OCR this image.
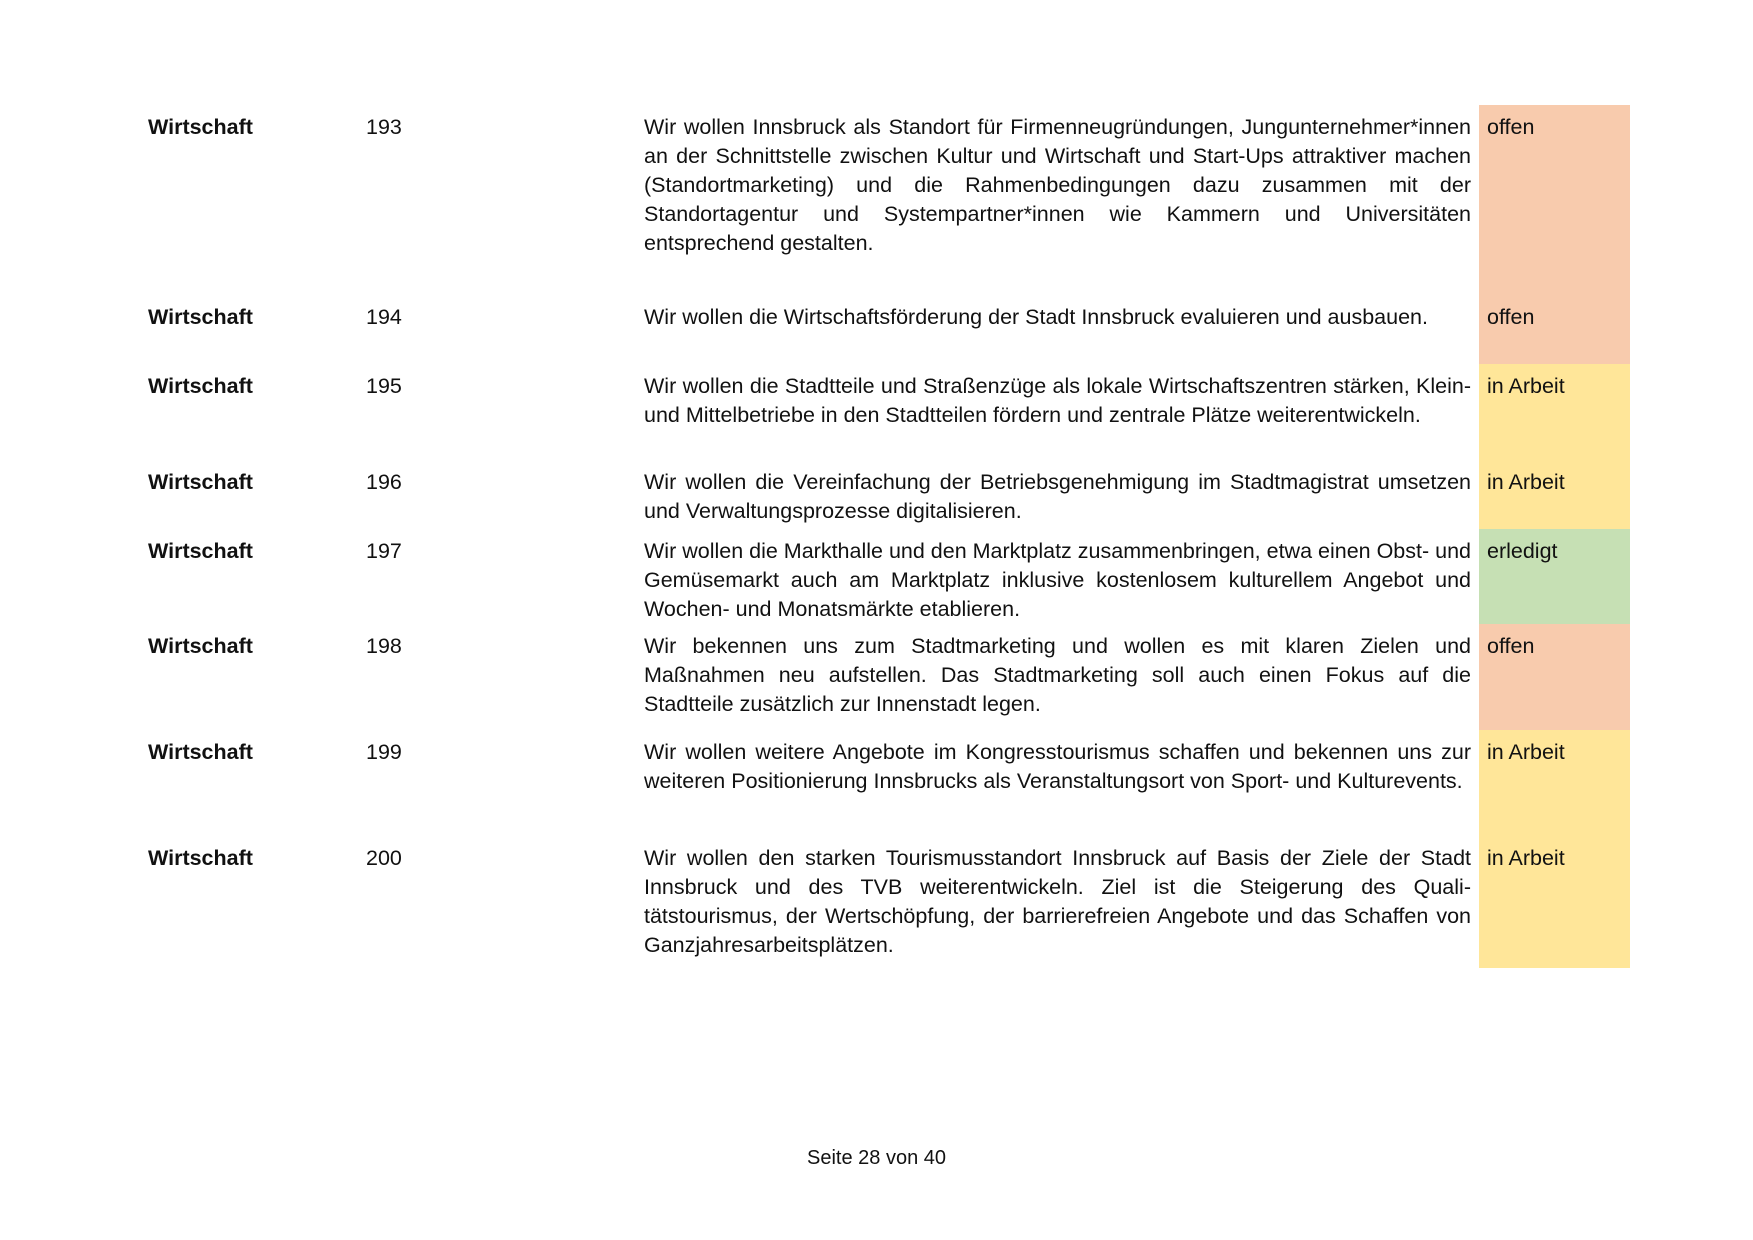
Wirtschaft	193	Wir wollen Innsbruck als Standort für Firmenneugründungen, Jungunternehmer*innen an der Schnittstelle zwischen Kultur und Wirtschaft und Start-Ups attraktiver machen (Standortmarketing) und die Rahmenbedingungen dazu zusammen mit der Standortagentur und Systempartner*innen wie Kammern und Universitäten entsprechend gestalten.	offen
Wirtschaft	194	Wir wollen die Wirtschaftsförderung der Stadt Innsbruck evaluieren und ausbauen.	offen
Wirtschaft	195	Wir wollen die Stadtteile und Straßenzüge als lokale Wirtschaftszentren stärken, Klein- und Mittelbetriebe in den Stadtteilen fördern und zentrale Plätze weiterentwickeln.	in Arbeit
Wirtschaft	196	Wir wollen die Vereinfachung der Betriebsgenehmigung im Stadtmagistrat umsetzen und Verwaltungsprozesse digitalisieren.	in Arbeit
Wirtschaft	197	Wir wollen die Markthalle und den Marktplatz zusammenbringen, etwa einen Obst- und Gemüsemarkt auch am Marktplatz inklusive kostenlosem kulturellem Angebot und Wochen- und Monatsmärkte etablieren.	erledigt
Wirtschaft	198	Wir bekennen uns zum Stadtmarketing und wollen es mit klaren Zielen und Maßnahmen neu aufstellen. Das Stadtmarketing soll auch einen Fokus auf die Stadtteile zusätzlich zur Innenstadt legen.	offen
Wirtschaft	199	Wir wollen weitere Angebote im Kongresstourismus schaffen und bekennen uns zur weiteren Positionierung Innsbrucks als Veranstaltungsort von Sport- und Kulturevents.	in Arbeit
Wirtschaft	200	Wir wollen den starken Tourismusstandort Innsbruck auf Basis der Ziele der Stadt Innsbruck und des TVB weiterentwickeln. Ziel ist die Steigerung des Qualitätstourismus, der Wertschöpfung, der barrierefreien Angebote und das Schaffen von Ganzjahresarbeitsplätzen.	in Arbeit
Seite 28 von 40
